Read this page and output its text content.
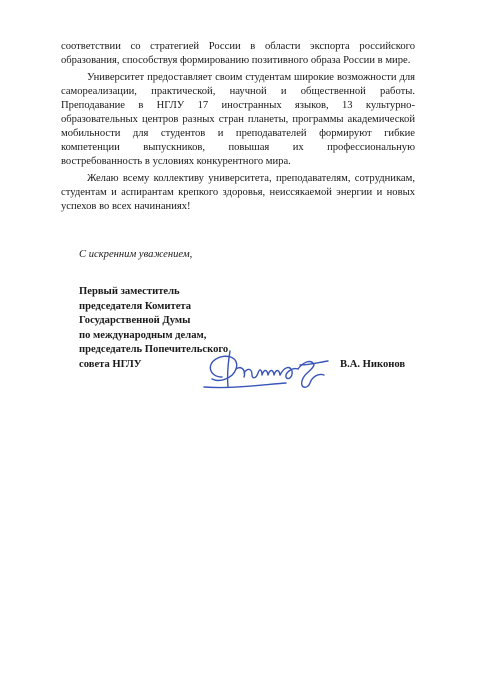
соответствии со стратегией России в области экспорта российского образования, способствуя формированию позитивного образа России в мире.

Университет предоставляет своим студентам широкие возможности для самореализации, практической, научной и общественной работы. Преподавание в НГЛУ 17 иностранных языков, 13 культурно-образовательных центров разных стран планеты, программы академической мобильности для студентов и преподавателей формируют гибкие компетенции выпускников, повышая их профессиональную востребованность в условиях конкурентного мира.

Желаю всему коллективу университета, преподавателям, сотрудникам, студентам и аспирантам крепкого здоровья, неиссякаемой энергии и новых успехов во всех начинаниях!

С искренним уважением,
Первый заместитель
председателя Комитета
Государственной Думы
по международным делам,
председатель Попечительского
совета НГЛУ	В.А. Никонов
